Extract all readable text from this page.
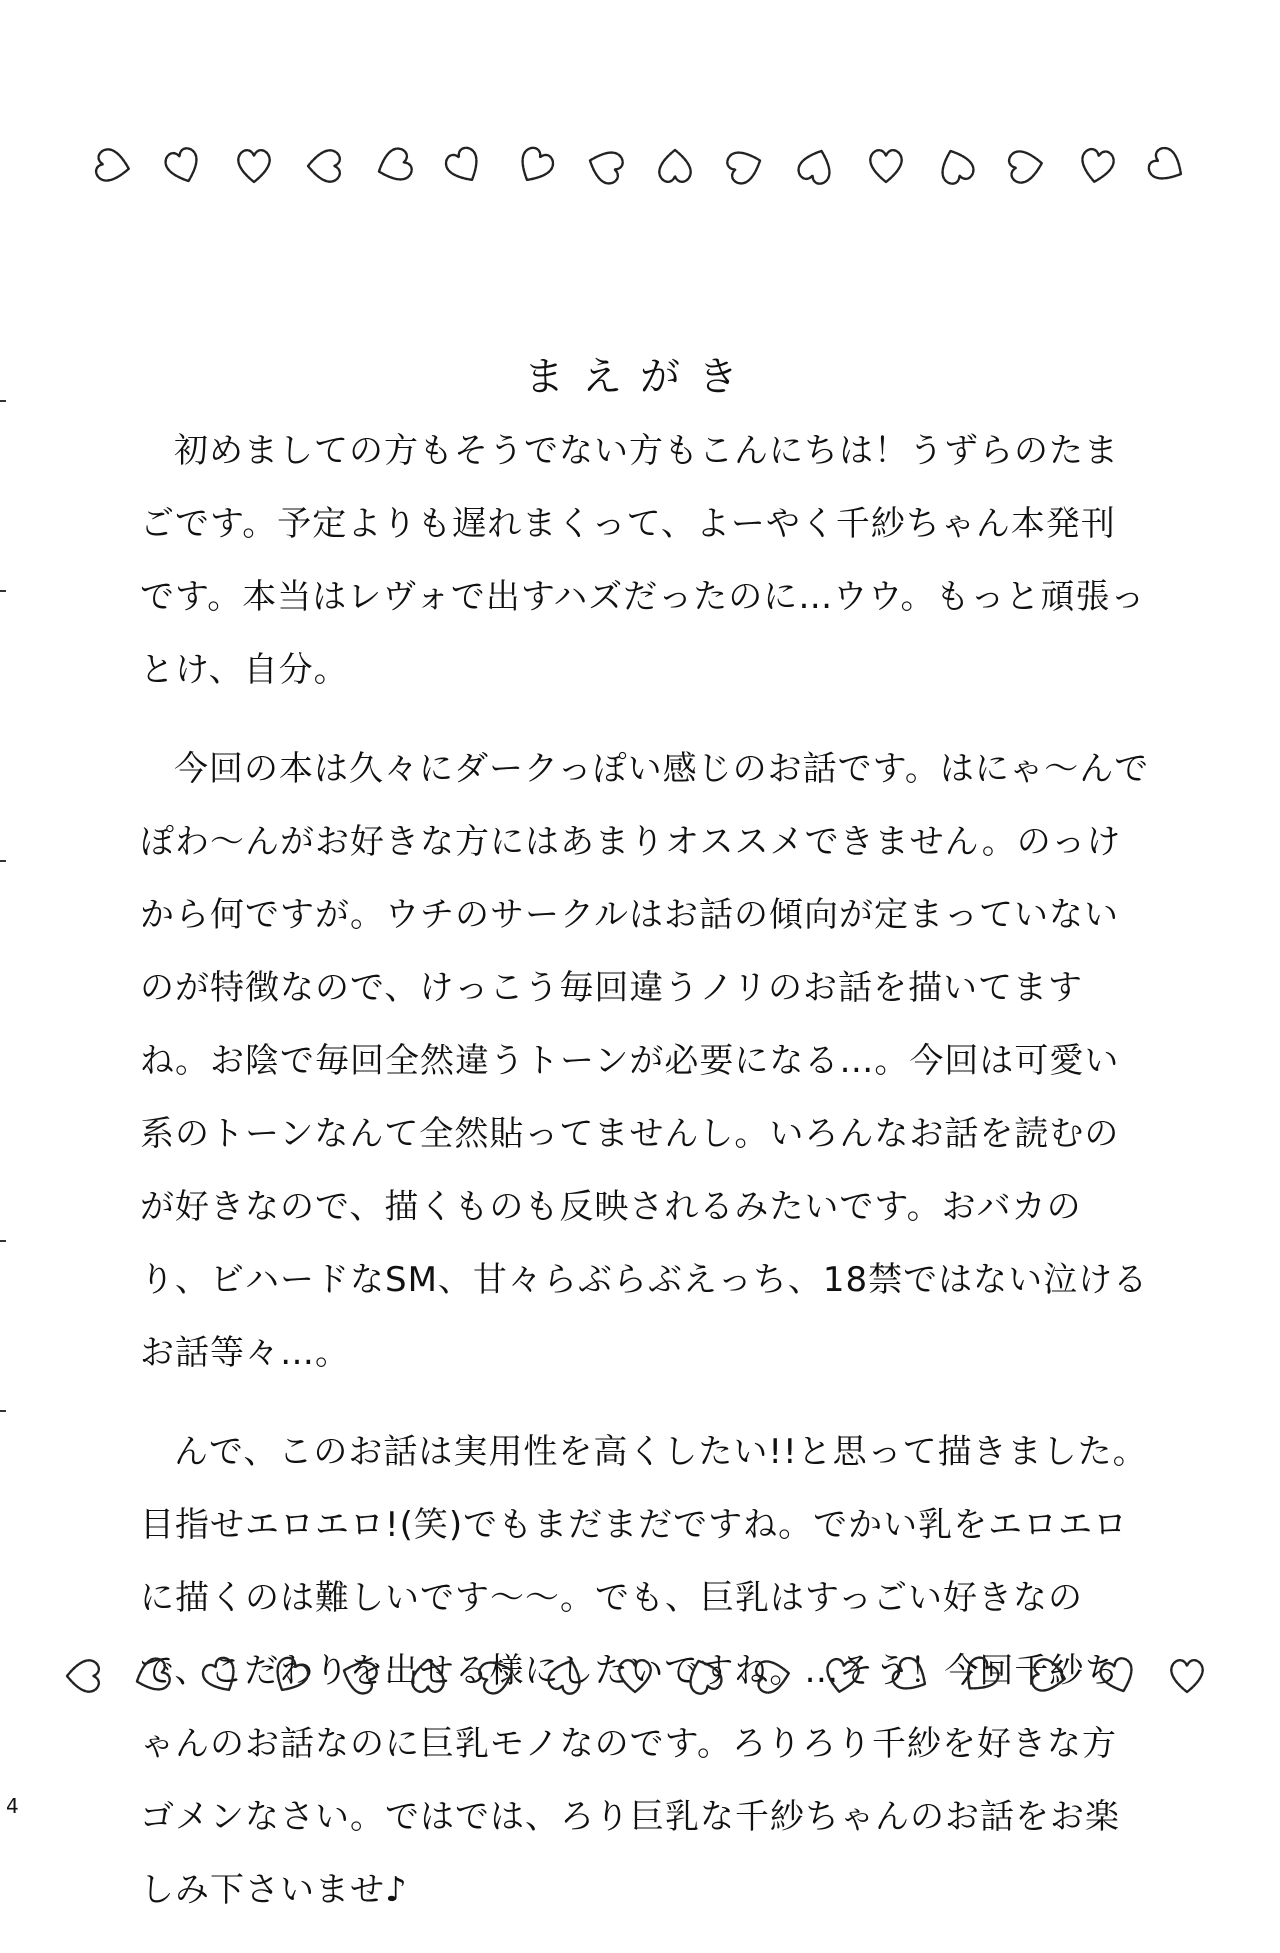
まえがき

初めましての方もそうでない方もこんにちは！うずらのたまごです。予定よりも遅れまくって、よーやく千紗ちゃん本発刊です。本当はレヴォで出すハズだったのに…ウウ。もっと頑張っとけ、自分。

今回の本は久々にダークっぽい感じのお話です。はにゃ〜んでぽわ〜んがお好きな方にはあまりオススメできません。のっけから何ですが。ウチのサークルはお話の傾向が定まっていないのが特徴なので、けっこう毎回違うノリのお話を描いてますね。お陰で毎回全然違うトーンが必要になる…。今回は可愛い系のトーンなんて全然貼ってませんし。いろんなお話を読むのが好きなので、描くものも反映されるみたいです。おバカのり、ビハードなSM、甘々らぶらぶえっち、18禁ではない泣けるお話等々…。

んで、このお話は実用性を高くしたい!!と思って描きました。目指せエロエロ!(笑)でもまだまだですね。でかい乳をエロエロに描くのは難しいです〜〜。でも、巨乳はすっごい好きなので、こだわりを出せる様にしたいですね。…そう！今回千紗ちゃんのお話なのに巨乳モノなのです。ろりろり千紗を好きな方ゴメンなさい。ではでは、ろり巨乳な千紗ちゃんのお話をお楽しみ下さいませ♪

4
